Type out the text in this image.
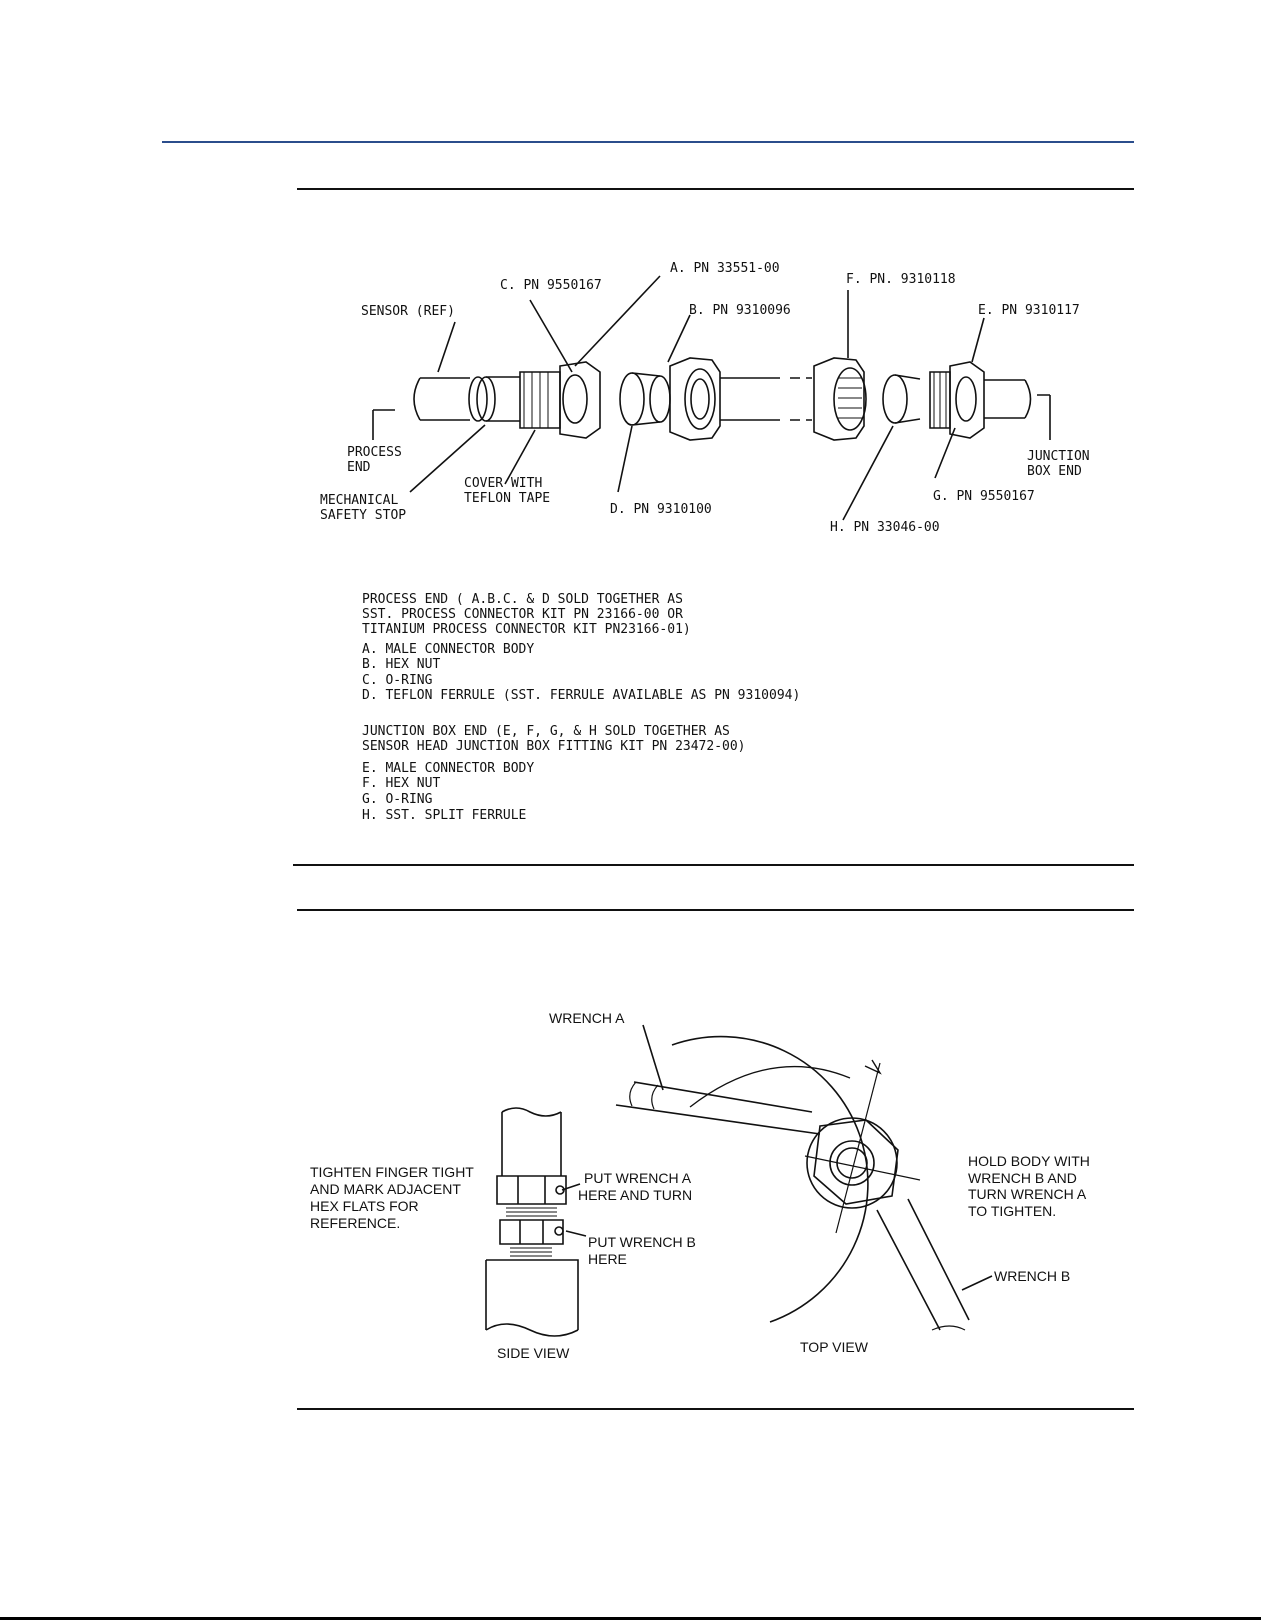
SENSOR (REF)
PROCESS
END
MECHANICAL
SAFETY STOP
COVER WITH
TEFLON TAPE
A. PN 33551-00
C. PN 9550167
B. PN 9310096
D. PN 9310100
F. PN. 9310118
E. PN 9310117
JUNCTION
BOX END
G. PN 9550167
H. PN 33046-00
PROCESS END ( A.B.C. & D SOLD TOGETHER AS
SST. PROCESS CONNECTOR KIT PN 23166-00 OR
TITANIUM PROCESS CONNECTOR KIT PN23166-01)
A. MALE CONNECTOR BODY
B. HEX NUT
C. O-RING
D. TEFLON FERRULE (SST. FERRULE AVAILABLE AS PN 9310094)
JUNCTION BOX END (E, F, G, & H SOLD TOGETHER AS
SENSOR HEAD JUNCTION BOX FITTING KIT PN 23472-00)
E. MALE CONNECTOR BODY
F. HEX NUT
G. O-RING
H. SST. SPLIT FERRULE
WRENCH A
TIGHTEN FINGER TIGHT
AND MARK ADJACENT
HEX FLATS FOR
REFERENCE.
PUT WRENCH A
HERE AND TURN
PUT WRENCH B
HERE
HOLD BODY WITH
WRENCH B AND
TURN WRENCH A
TO TIGHTEN.
WRENCH B
SIDE VIEW	TOP VIEW
